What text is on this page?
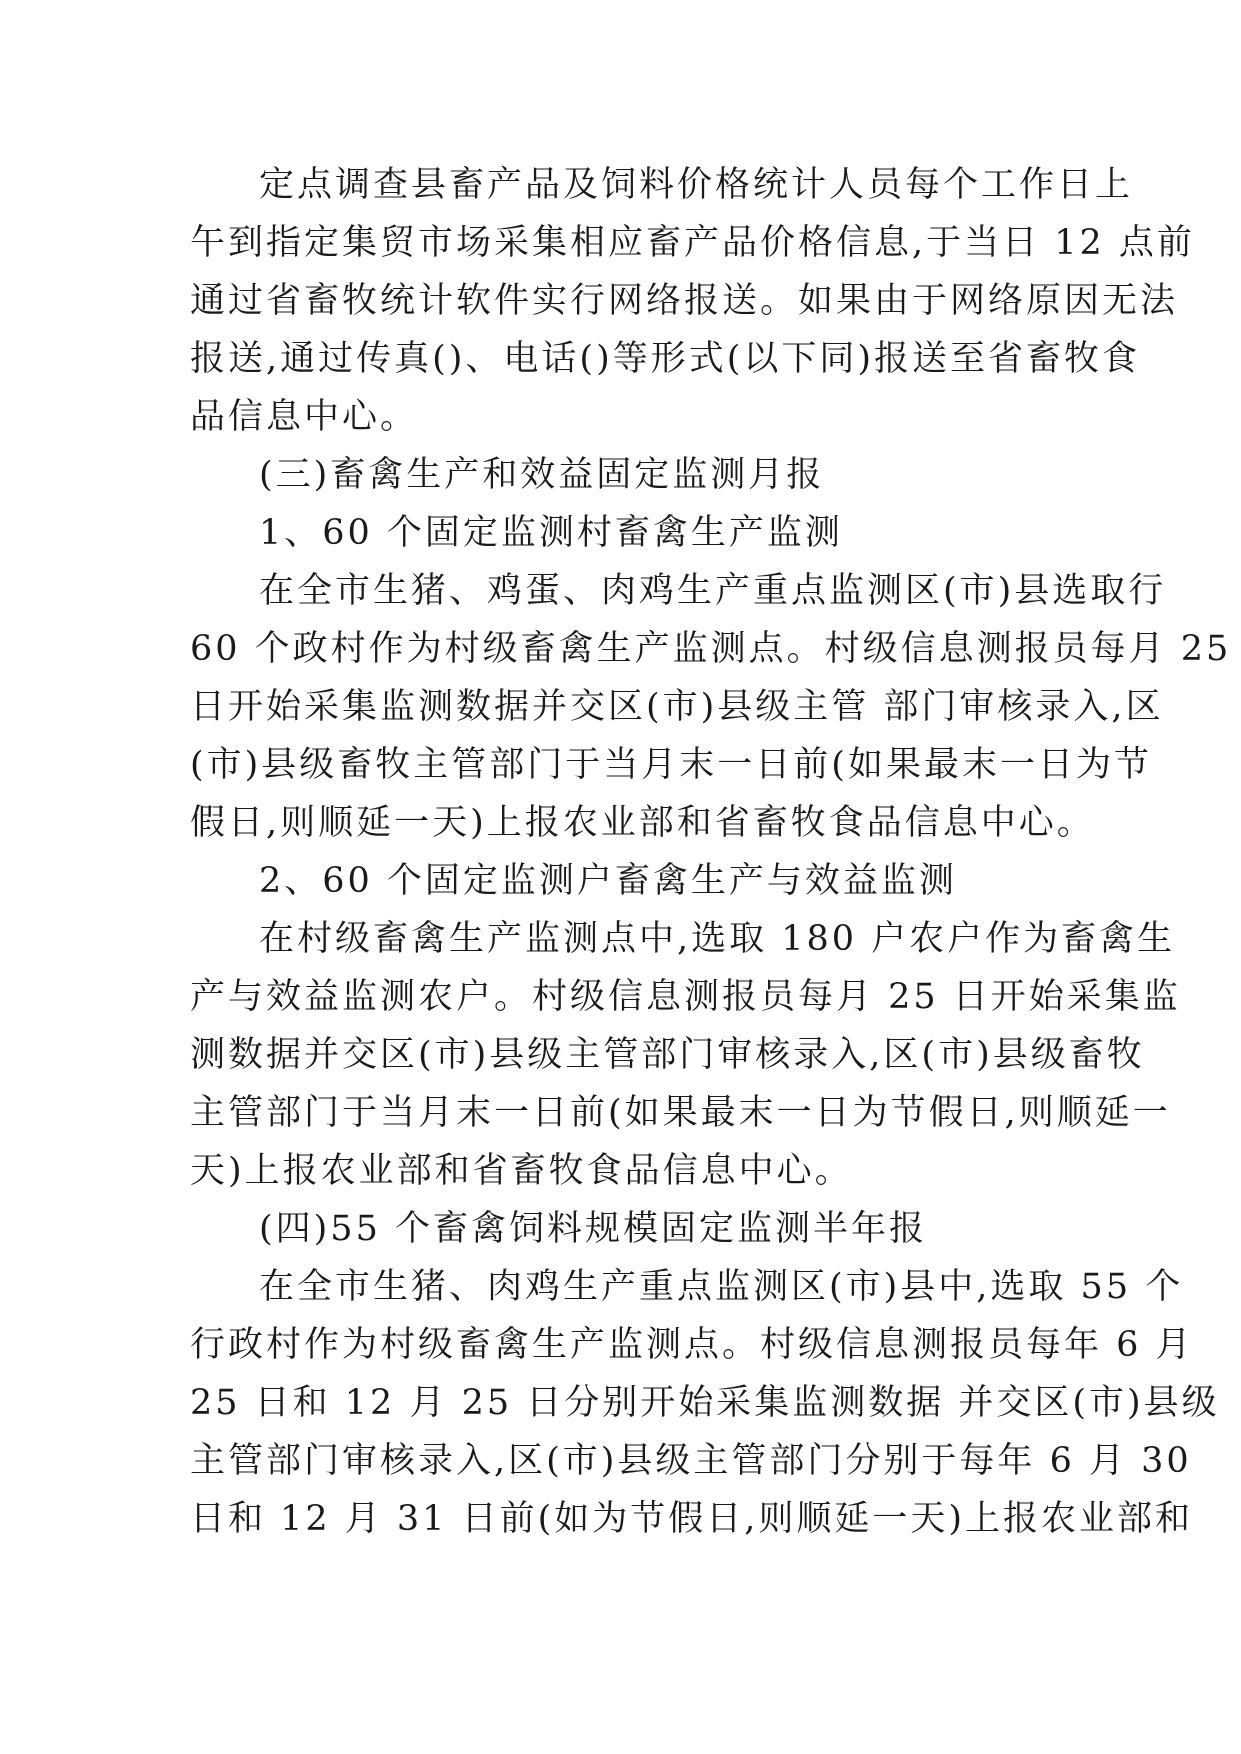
定点调查县畜产品及饲料价格统计人员每个工作日上
午到指定集贸市场采集相应畜产品价格信息,于当日 12 点前
通过省畜牧统计软件实行网络报送。如果由于网络原因无法
报送,通过传真()、电话()等形式(以下同)报送至省畜牧食
品信息中心。
(三)畜禽生产和效益固定监测月报
1、60 个固定监测村畜禽生产监测
在全市生猪、鸡蛋、肉鸡生产重点监测区(市)县选取行
60 个政村作为村级畜禽生产监测点。村级信息测报员每月 25
日开始采集监测数据并交区(市)县级主管 部门审核录入,区
(市)县级畜牧主管部门于当月末一日前(如果最末一日为节
假日,则顺延一天)上报农业部和省畜牧食品信息中心。
2、60 个固定监测户畜禽生产与效益监测
在村级畜禽生产监测点中,选取 180 户农户作为畜禽生
产与效益监测农户。村级信息测报员每月 25 日开始采集监
测数据并交区(市)县级主管部门审核录入,区(市)县级畜牧
主管部门于当月末一日前(如果最末一日为节假日,则顺延一
天)上报农业部和省畜牧食品信息中心。
(四)55 个畜禽饲料规模固定监测半年报
在全市生猪、肉鸡生产重点监测区(市)县中,选取 55 个
行政村作为村级畜禽生产监测点。村级信息测报员每年 6 月
25 日和 12 月 25 日分别开始采集监测数据 并交区(市)县级
主管部门审核录入,区(市)县级主管部门分别于每年 6 月 30
日和 12 月 31 日前(如为节假日,则顺延一天)上报农业部和
